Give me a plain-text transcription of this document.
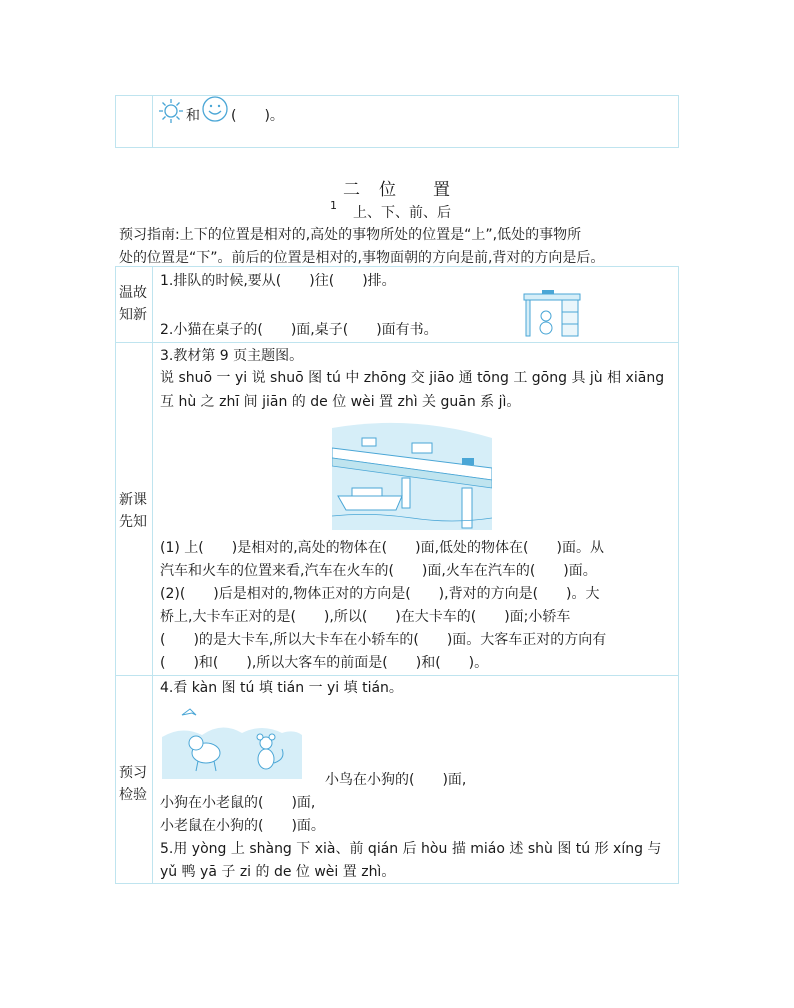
和 (　　)。
二　位　　置
1 上、下、前、后
预习指南:上下的位置是相对的,高处的事物所处的位置是“上”,低处的事物所
处的位置是“下”。前后的位置是相对的,事物面朝的方向是前,背对的方向是后。
温故知新
1.排队的时候,要从(　　)往(　　)排。
2.小猫在桌子的(　　)面,桌子(　　)面有书。
新课先知
3.教材第 9 页主题图。
说 shuō 一 yi 说 shuō 图 tú 中 zhōng 交 jiāo 通 tōng 工 gōng 具 jù 相 xiāng
互 hù 之 zhī 间 jiān 的 de 位 wèi 置 zhì 关 guān 系 jì。
(1) 上(　　)是相对的,高处的物体在(　　)面,低处的物体在(　　)面。从
汽车和火车的位置来看,汽车在火车的(　　)面,火车在汽车的(　　)面。
(2)(　　)后是相对的,物体正对的方向是(　　),背对的方向是(　　)。大
桥上,大卡车正对的是(　　),所以(　　)在大卡车的(　　)面;小轿车
(　　)的是大卡车,所以大卡车在小轿车的(　　)面。大客车正对的方向有
(　　)和(　　),所以大客车的前面是(　　)和(　　)。
预习检验
4.看 kàn 图 tú 填 tián 一 yi 填 tián。
小鸟在小狗的(　　)面,
小狗在小老鼠的(　　)面,
小老鼠在小狗的(　　)面。
5.用 yòng 上 shàng 下 xià、前 qián 后 hòu 描 miáo 述 shù 图 tú 形 xíng 与
yǔ 鸭 yā 子 zi 的 de 位 wèi 置 zhì。
